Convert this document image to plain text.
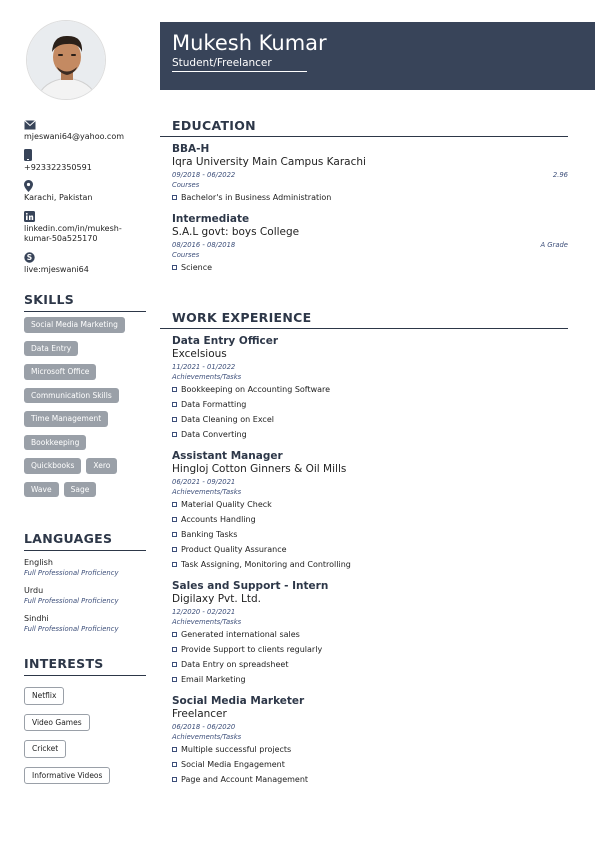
mjeswani64@yahoo.com
+923322350591
Karachi, Pakistan
linkedin.com/in/mukesh-kumar-50a525170
S
live:mjeswani64
SKILLS
Social Media Marketing
Data Entry
Microsoft Office
Communication Skills
Time Management
Bookkeeping
Quickbooks	Xero
Wave	Sage
LANGUAGES
English
Full Professional Proficiency
Urdu
Full Professional Proficiency
Sindhi
Full Professional Proficiency
INTERESTS
Netflix
Video Games
Cricket
Informative Videos
Mukesh Kumar
Student/Freelancer
EDUCATION
BBA-H
Iqra University Main Campus Karachi
09/2018 - 06/2022	2.96
Courses
Bachelor's in Business Administration
Intermediate
S.A.L govt: boys College
08/2016 - 08/2018	A Grade
Courses
Science
WORK EXPERIENCE
Data Entry Officer
Excelsious
11/2021 - 01/2022
Achievements/Tasks
Bookkeeping on Accounting Software
Data Formatting
Data Cleaning on Excel
Data Converting
Assistant Manager
Hingloj Cotton Ginners & Oil Mills
06/2021 - 09/2021
Achievements/Tasks
Material Quality Check
Accounts Handling
Banking Tasks
Product Quality Assurance
Task Assigning, Monitoring and Controlling
Sales and Support - Intern
Digilaxy Pvt. Ltd.
12/2020 - 02/2021
Achievements/Tasks
Generated international sales
Provide Support to clients regularly
Data Entry on spreadsheet
Email Marketing
Social Media Marketer
Freelancer
06/2018 - 06/2020
Achievements/Tasks
Multiple successful projects
Social Media Engagement
Page and Account Management
